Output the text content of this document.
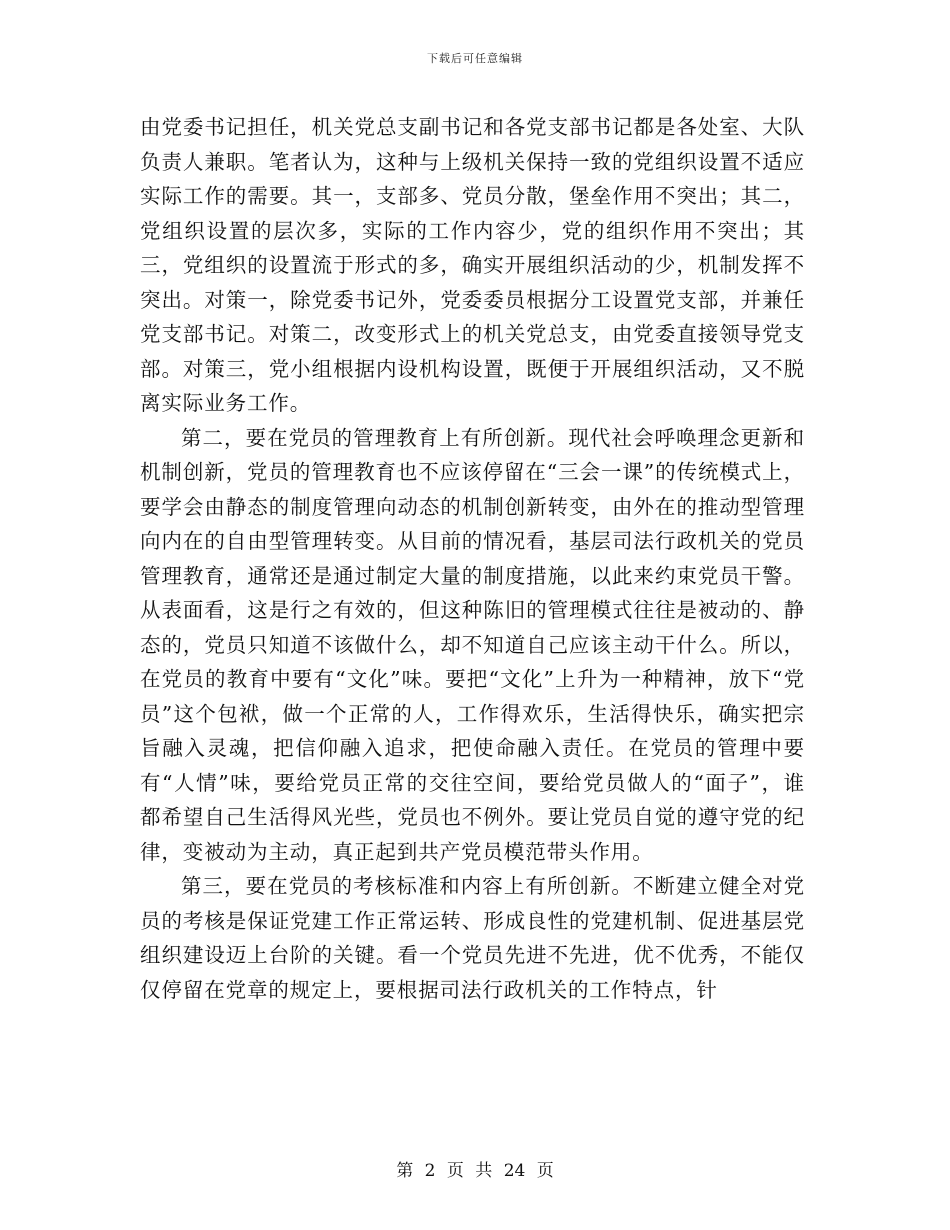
下载后可任意编辑

由党委书记担任，机关党总支副书记和各党支部书记都是各处室、大队负责人兼职。笔者认为，这种与上级机关保持一致的党组织设置不适应实际工作的需要。其一，支部多、党员分散，堡垒作用不突出；其二，党组织设置的层次多，实际的工作内容少，党的组织作用不突出；其三，党组织的设置流于形式的多，确实开展组织活动的少，机制发挥不突出。对策一，除党委书记外，党委委员根据分工设置党支部，并兼任党支部书记。对策二，改变形式上的机关党总支，由党委直接领导党支部。对策三，党小组根据内设机构设置，既便于开展组织活动，又不脱离实际业务工作。

第二，要在党员的管理教育上有所创新。现代社会呼唤理念更新和机制创新，党员的管理教育也不应该停留在“三会一课”的传统模式上，要学会由静态的制度管理向动态的机制创新转变，由外在的推动型管理向内在的自由型管理转变。从目前的情况看，基层司法行政机关的党员管理教育，通常还是通过制定大量的制度措施，以此来约束党员干警。从表面看，这是行之有效的，但这种陈旧的管理模式往往是被动的、静态的，党员只知道不该做什么，却不知道自己应该主动干什么。所以，在党员的教育中要有“文化”味。要把“文化”上升为一种精神，放下“党员”这个包袱，做一个正常的人，工作得欢乐，生活得快乐，确实把宗旨融入灵魂，把信仰融入追求，把使命融入责任。在党员的管理中要有“人情”味，要给党员正常的交往空间，要给党员做人的“面子”，谁都希望自己生活得风光些，党员也不例外。要让党员自觉的遵守党的纪律，变被动为主动，真正起到共产党员模范带头作用。

第三，要在党员的考核标准和内容上有所创新。不断建立健全对党员的考核是保证党建工作正常运转、形成良性的党建机制、促进基层党组织建设迈上台阶的关键。看一个党员先进不先进，优不优秀，不能仅仅停留在党章的规定上，要根据司法行政机关的工作特点，针

第 2 页 共 24 页
